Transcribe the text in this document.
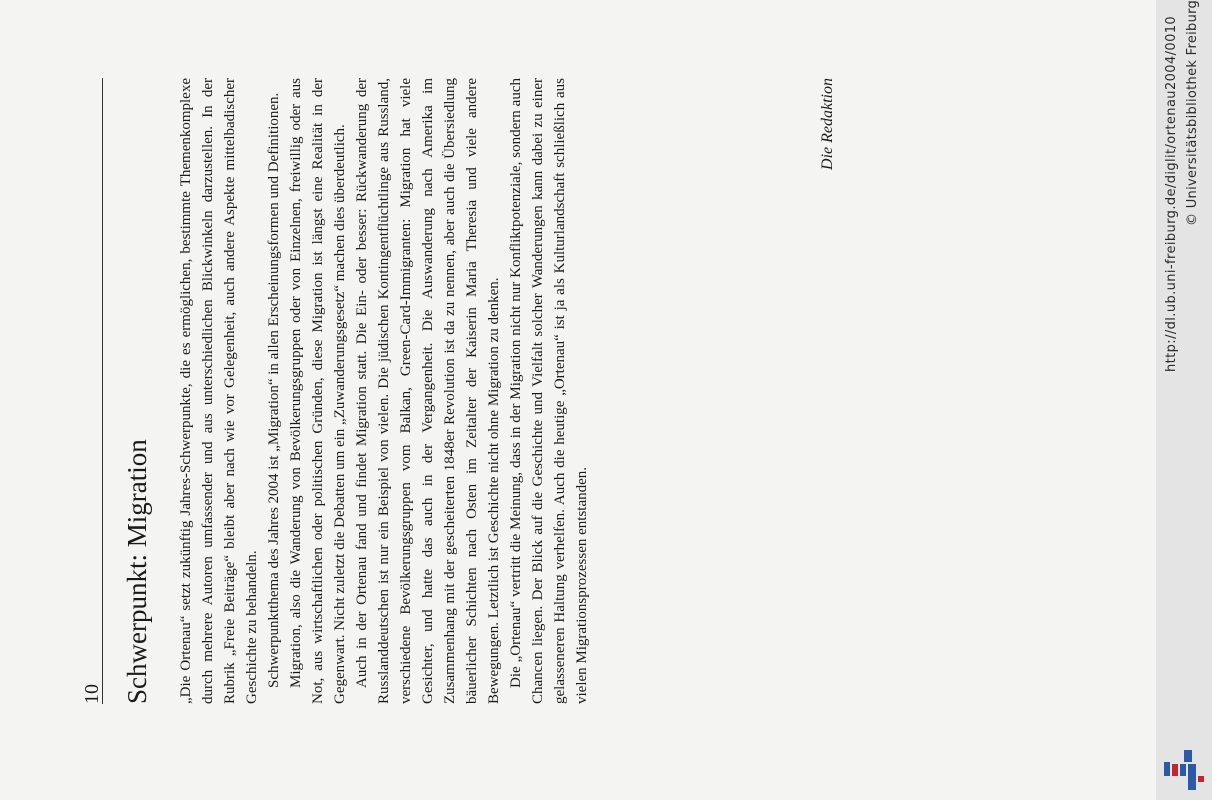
10 Schwerpunkt: Migration „Die Ortenau“ setzt zukünftig Jahres-Schwerpunkte, die es ermöglichen, bestimmte Themenkomplexe durch mehrere Autoren umfassender und aus unterschiedlichen Blickwinkeln darzustellen. In der Rubrik „Freie Beiträge“ bleibt aber nach wie vor Gelegenheit, auch andere Aspekte mittelbadischer Geschichte zu behandeln. Schwerpunktthema des Jahres 2004 ist „Migration“ in allen Erscheinungsformen und Definitionen. Migration, also die Wanderung von Bevölkerungsgruppen oder von Einzelnen, freiwillig oder aus Not, aus wirtschaftlichen oder politischen Gründen, diese Migration ist längst eine Realität in der Gegenwart. Nicht zuletzt die Debatten um ein „Zuwanderungsgesetz“ machen dies überdeutlich. Auch in der Ortenau fand und findet Migration statt. Die Ein- oder besser: Rückwanderung der Russlanddeutschen ist nur ein Beispiel von vielen. Die jüdischen Kontingentflüchtlinge aus Russland, verschiedene Bevölkerungsgruppen vom Balkan, Green-Card-Immigranten: Migration hat viele Gesichter, und hatte das auch in der Vergangenheit. Die Auswanderung nach Amerika im Zusammenhang mit der gescheiterten 1848er Revolution ist da zu nennen, aber auch die Übersiedlung bäuerlicher Schichten nach Osten im Zeitalter der Kaiserin Maria Theresia und viele andere Bewegungen. Letztlich ist Geschichte nicht ohne Migration zu denken. Die „Ortenau“ vertritt die Meinung, dass in der Migration nicht nur Konfliktpotenziale, sondern auch Chancen liegen. Der Blick auf die Geschichte und Vielfalt solcher Wanderungen kann dabei zu einer gelasseneren Haltung verhelfen. Auch die heutige „Ortenau“ ist ja als Kulturlandschaft schließlich aus vielen Migrationsprozessen entstanden.

Die Redaktion	http://dl.ub.uni-freiburg.de/diglit/ortenau2004/0010 © Universitätsbibliothek Freiburg
